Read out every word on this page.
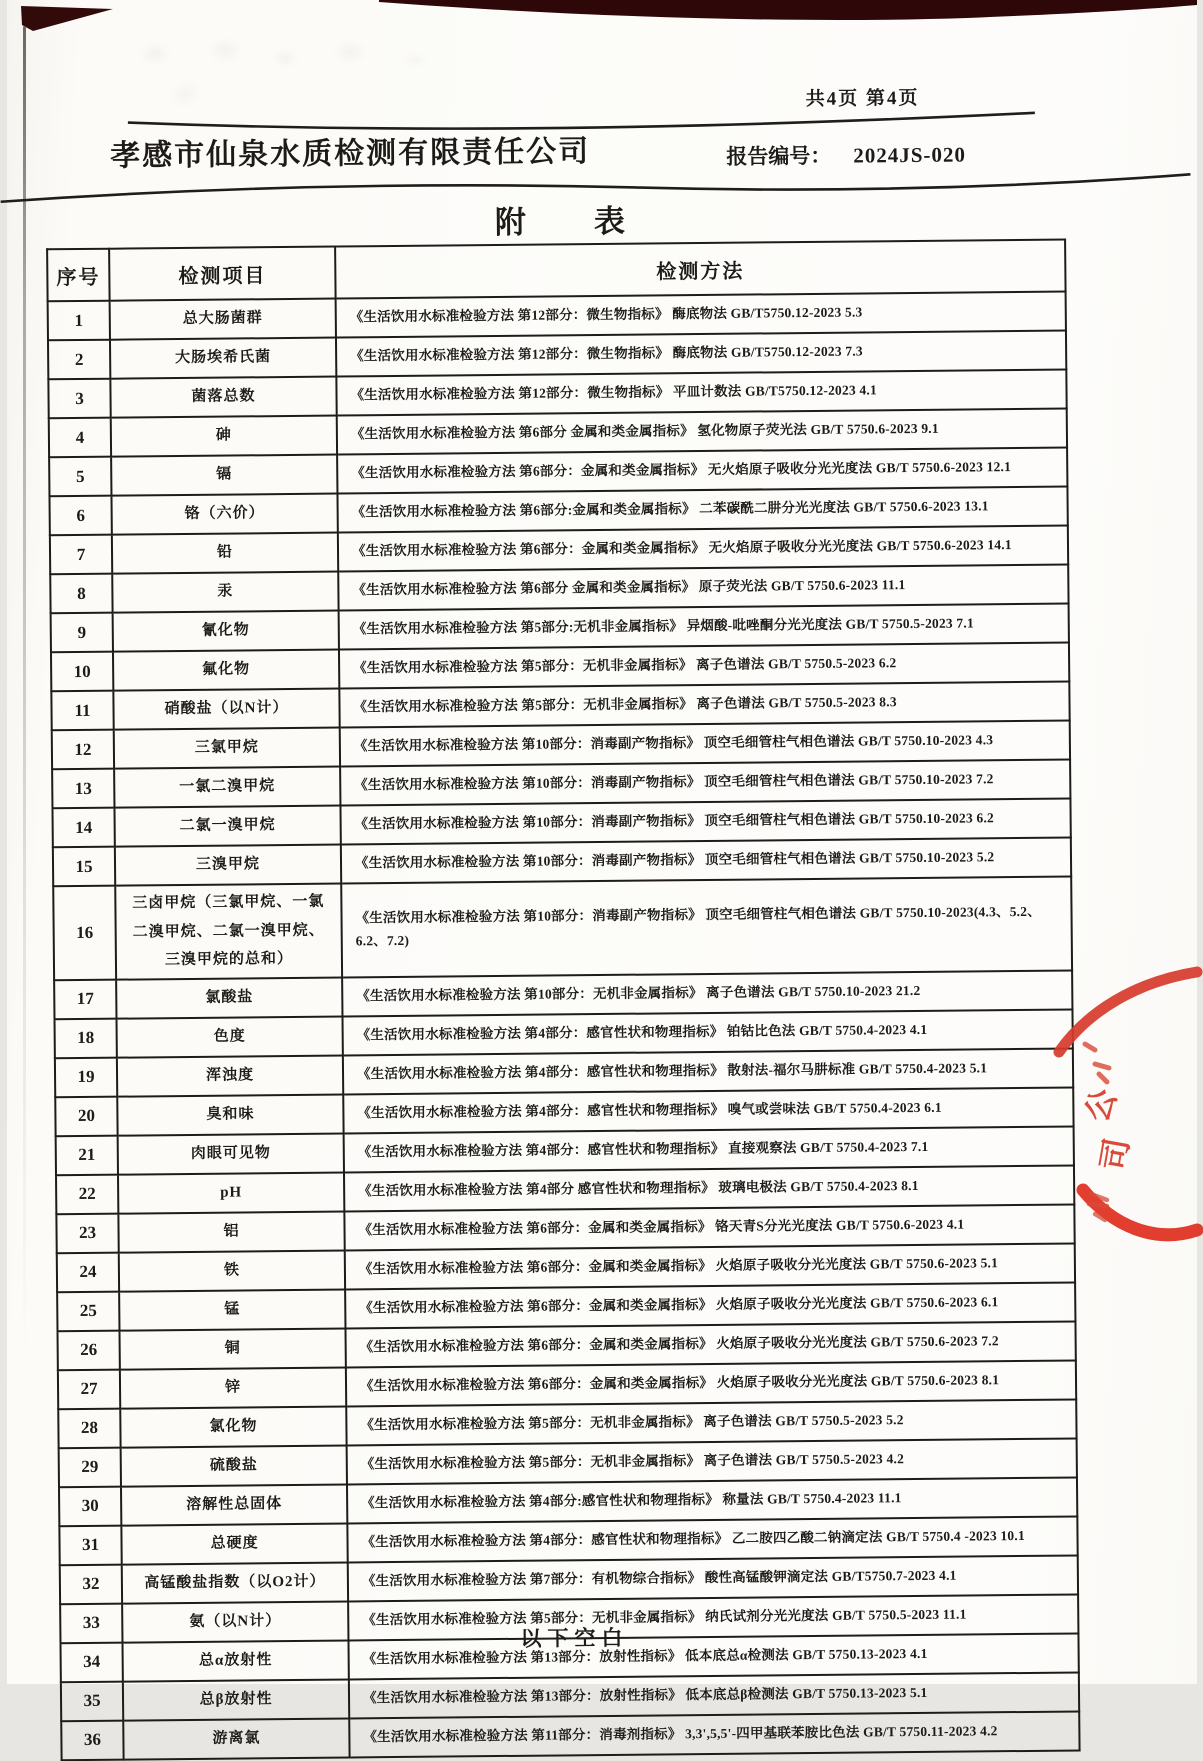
共4页 第4页
孝感市仙泉水质检测有限责任公司	报告编号： 2024JS-020
附　　表
序号	检测项目	检测方法
1	总大肠菌群	《生活饮用水标准检验方法 第12部分：微生物指标》 酶底物法 GB/T5750.12-2023 5.3
2	大肠埃希氏菌	《生活饮用水标准检验方法 第12部分：微生物指标》 酶底物法 GB/T5750.12-2023 7.3
3	菌落总数	《生活饮用水标准检验方法 第12部分：微生物指标》 平皿计数法 GB/T5750.12-2023 4.1
4	砷	《生活饮用水标准检验方法 第6部分 金属和类金属指标》 氢化物原子荧光法 GB/T 5750.6-2023 9.1
5	镉	《生活饮用水标准检验方法 第6部分：金属和类金属指标》 无火焰原子吸收分光光度法 GB/T 5750.6-2023 12.1
6	铬（六价）	《生活饮用水标准检验方法 第6部分:金属和类金属指标》 二苯碳酰二肼分光光度法 GB/T 5750.6-2023 13.1
7	铅	《生活饮用水标准检验方法 第6部分：金属和类金属指标》 无火焰原子吸收分光光度法 GB/T 5750.6-2023 14.1
8	汞	《生活饮用水标准检验方法 第6部分 金属和类金属指标》 原子荧光法 GB/T 5750.6-2023 11.1
9	氰化物	《生活饮用水标准检验方法 第5部分:无机非金属指标》 异烟酸-吡唑酮分光光度法 GB/T 5750.5-2023 7.1
10	氟化物	《生活饮用水标准检验方法 第5部分：无机非金属指标》 离子色谱法 GB/T 5750.5-2023 6.2
11	硝酸盐（以N计）	《生活饮用水标准检验方法 第5部分：无机非金属指标》 离子色谱法 GB/T 5750.5-2023 8.3
12	三氯甲烷	《生活饮用水标准检验方法 第10部分：消毒副产物指标》 顶空毛细管柱气相色谱法 GB/T 5750.10-2023 4.3
13	一氯二溴甲烷	《生活饮用水标准检验方法 第10部分：消毒副产物指标》 顶空毛细管柱气相色谱法 GB/T 5750.10-2023 7.2
14	二氯一溴甲烷	《生活饮用水标准检验方法 第10部分：消毒副产物指标》 顶空毛细管柱气相色谱法 GB/T 5750.10-2023 6.2
15	三溴甲烷	《生活饮用水标准检验方法 第10部分：消毒副产物指标》 顶空毛细管柱气相色谱法 GB/T 5750.10-2023 5.2
16	三卤甲烷（三氯甲烷、一氯二溴甲烷、二氯一溴甲烷、三溴甲烷的总和）	《生活饮用水标准检验方法 第10部分：消毒副产物指标》 顶空毛细管柱气相色谱法 GB/T 5750.10-2023(4.3、5.2、6.2、7.2)
17	氯酸盐	《生活饮用水标准检验方法 第10部分：无机非金属指标》 离子色谱法 GB/T 5750.10-2023 21.2
18	色度	《生活饮用水标准检验方法 第4部分：感官性状和物理指标》 铂钴比色法 GB/T 5750.4-2023 4.1
19	浑浊度	《生活饮用水标准检验方法 第4部分：感官性状和物理指标》 散射法-福尔马肼标准 GB/T 5750.4-2023 5.1
20	臭和味	《生活饮用水标准检验方法 第4部分：感官性状和物理指标》 嗅气或尝味法 GB/T 5750.4-2023 6.1
21	肉眼可见物	《生活饮用水标准检验方法 第4部分：感官性状和物理指标》 直接观察法 GB/T 5750.4-2023 7.1
22	pH	《生活饮用水标准检验方法 第4部分 感官性状和物理指标》 玻璃电极法 GB/T 5750.4-2023 8.1
23	铝	《生活饮用水标准检验方法 第6部分：金属和类金属指标》 铬天青S分光光度法 GB/T 5750.6-2023 4.1
24	铁	《生活饮用水标准检验方法 第6部分：金属和类金属指标》 火焰原子吸收分光光度法 GB/T 5750.6-2023 5.1
25	锰	《生活饮用水标准检验方法 第6部分：金属和类金属指标》 火焰原子吸收分光光度法 GB/T 5750.6-2023 6.1
26	铜	《生活饮用水标准检验方法 第6部分：金属和类金属指标》 火焰原子吸收分光光度法 GB/T 5750.6-2023 7.2
27	锌	《生活饮用水标准检验方法 第6部分：金属和类金属指标》 火焰原子吸收分光光度法 GB/T 5750.6-2023 8.1
28	氯化物	《生活饮用水标准检验方法 第5部分：无机非金属指标》 离子色谱法 GB/T 5750.5-2023 5.2
29	硫酸盐	《生活饮用水标准检验方法 第5部分：无机非金属指标》 离子色谱法 GB/T 5750.5-2023 4.2
30	溶解性总固体	《生活饮用水标准检验方法 第4部分:感官性状和物理指标》 称量法 GB/T 5750.4-2023 11.1
31	总硬度	《生活饮用水标准检验方法 第4部分：感官性状和物理指标》 乙二胺四乙酸二钠滴定法 GB/T 5750.4 -2023 10.1
32	高锰酸盐指数（以O2计）	《生活饮用水标准检验方法 第7部分：有机物综合指标》 酸性高锰酸钾滴定法 GB/T5750.7-2023 4.1
33	氨（以N计）	《生活饮用水标准检验方法 第5部分：无机非金属指标》 纳氏试剂分光光度法 GB/T 5750.5-2023 11.1
34	总α放射性	《生活饮用水标准检验方法 第13部分：放射性指标》 低本底总α检测法 GB/T 5750.13-2023 4.1
35	总β放射性	《生活饮用水标准检验方法 第13部分：放射性指标》 低本底总β检测法 GB/T 5750.13-2023 5.1
36	游离氯	《生活饮用水标准检验方法 第11部分：消毒剂指标》 3,3',5,5'-四甲基联苯胺比色法 GB/T 5750.11-2023 4.2
以下空白
公
司
